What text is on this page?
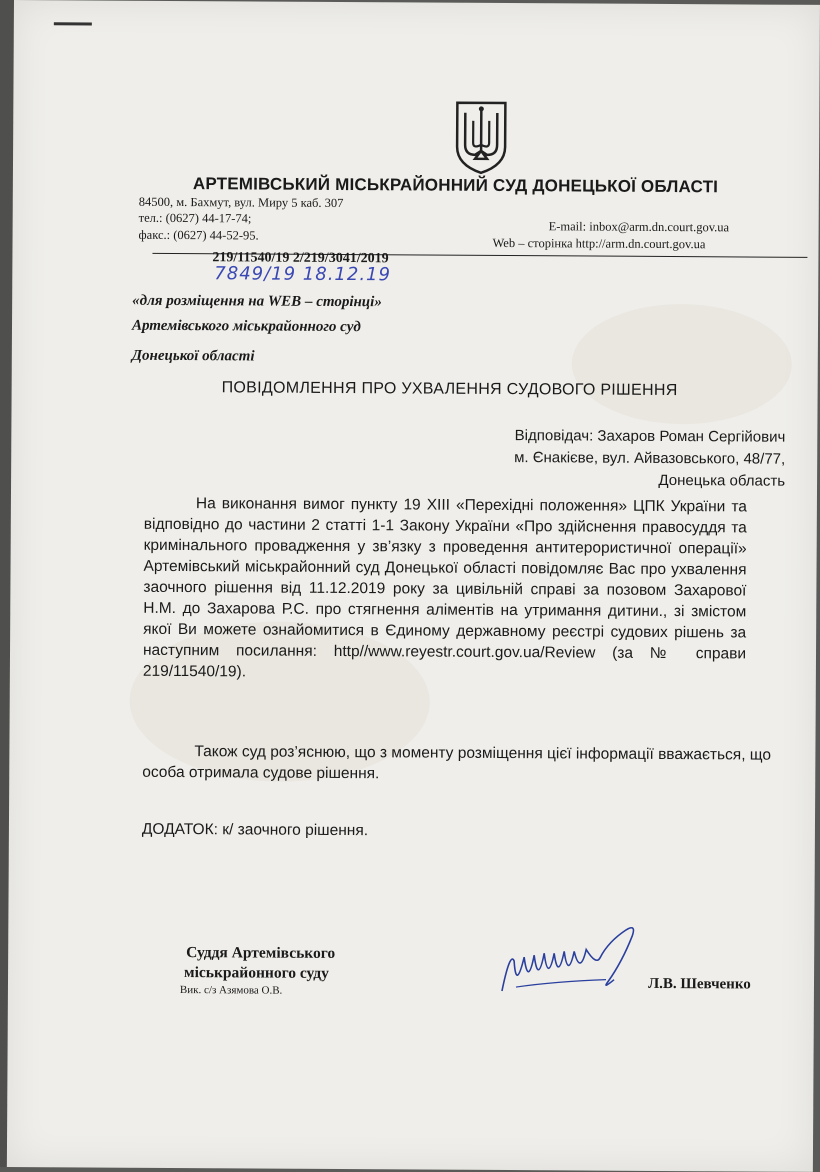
АРТЕМІВСЬКИЙ МІСЬКРАЙОННИЙ СУД ДОНЕЦЬКОЇ ОБЛАСТІ
84500, м. Бахмут, вул. Миру 5 каб. 307
тел.: (0627) 44-17-74;
факс.: (0627) 44-52-95.
E-mail: inbox@arm.dn.court.gov.ua
Web – сторінка http://arm.dn.court.gov.ua
219/11540/19 2/219/3041/2019
7849/19 18.12.19
«для розміщення на WEB – сторінці»
Артемівського міськрайонного суд
Донецької області
ПОВІДОМЛЕННЯ ПРО УХВАЛЕННЯ СУДОВОГО РІШЕННЯ
Відповідач: Захаров Роман Сергійович
м. Єнакієве, вул. Айвазовського, 48/77,
Донецька область

На виконання вимог пункту 19 ХІІІ «Перехідні положення» ЦПК України та відповідно до частини 2 статті 1-1 Закону України «Про здійснення правосуддя та кримінального провадження у зв’язку з проведення антитерористичної операції» Артемівський міськрайонний суд Донецької області повідомляє Вас про ухвалення заочного рішення від 11.12.2019 року за цивільній справі за позовом Захарової Н.М. до Захарова Р.С. про стягнення аліментів на утримання дитини., зі змістом якої Ви можете ознайомитися в Єдиному державному реєстрі судових рішень за наступним посилання: http//www.reyestr.court.gov.ua/Review (за № справи 219/11540/19).

Також суд роз’яснюю, що з моменту розміщення цієї інформації вважається, що особа отримала судове рішення.

ДОДАТОК: к/ заочного рішення.
Суддя Артемівського
міськрайонного суду
Вик. с/з Азямова О.В.	Л.В. Шевченко
